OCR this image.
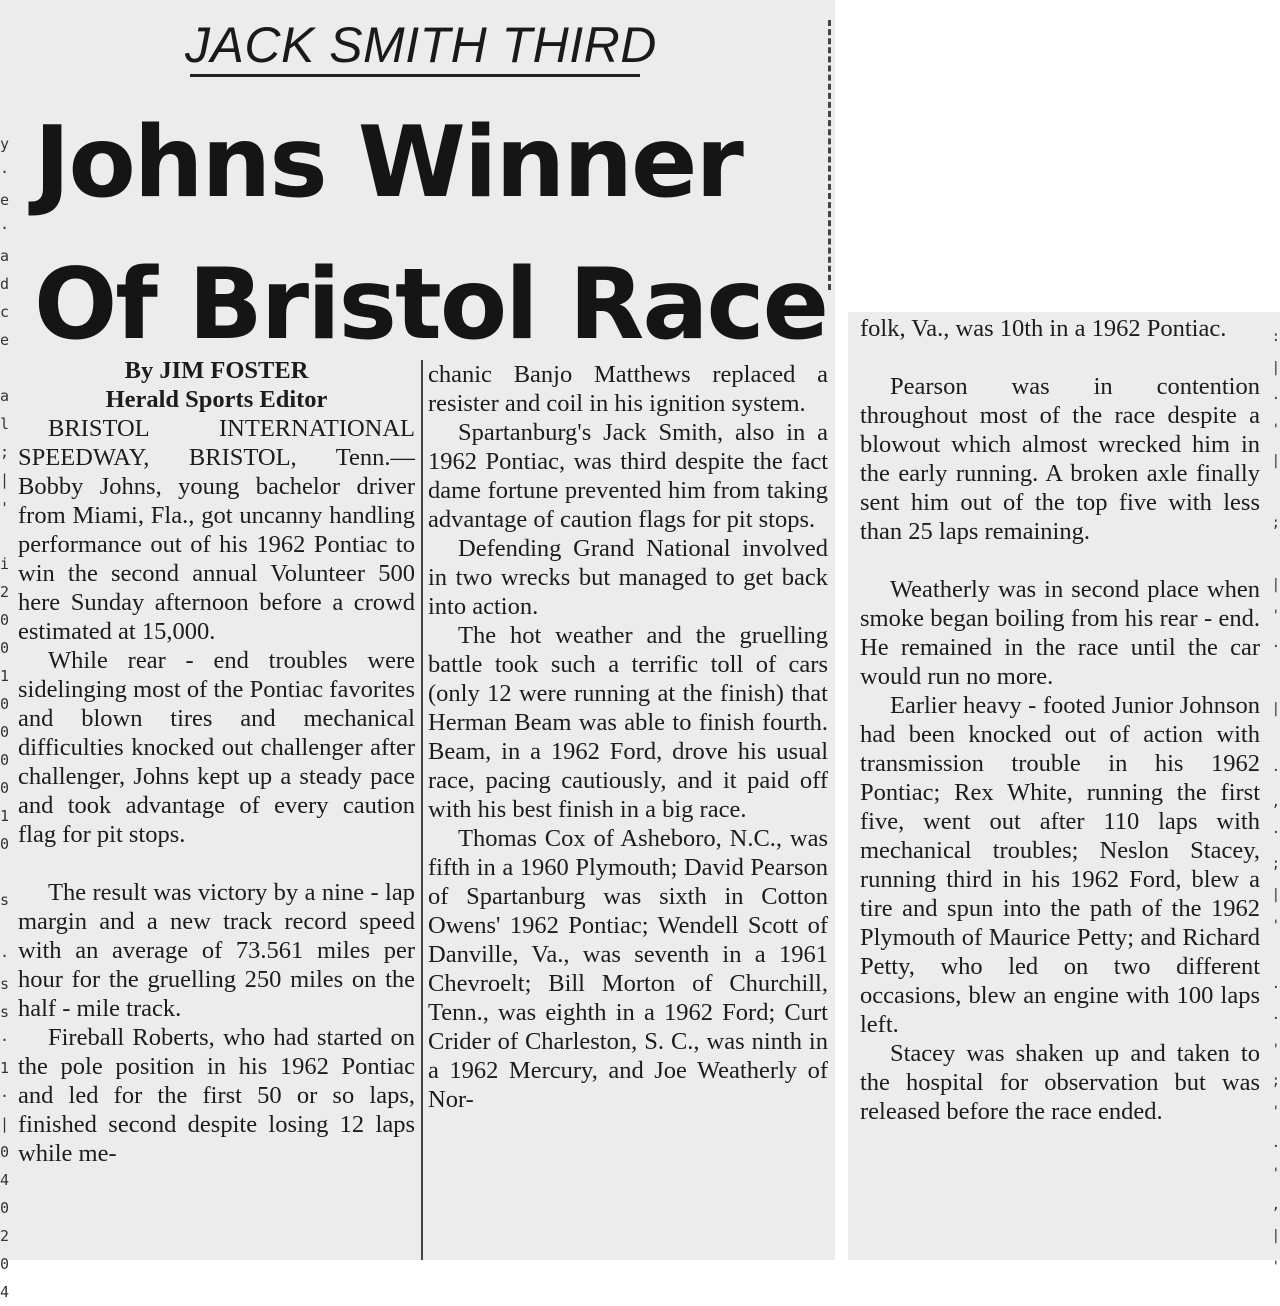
y
·
e
·
a
d
c
e

a
l
;
|
'

i
2
0
0
1
0
0
0
0
1
0

s

·
s
s
·
1
·
|
0
4
0
2
0
4
JACK SMITH THIRD
Johns Winner
Of Bristol Race

By JIM FOSTER

Herald Sports Editor

BRISTOL INTERNATIONAL SPEEDWAY, BRISTOL, Tenn.— Bobby Johns, young bachelor driver from Miami, Fla., got uncanny handling performance out of his 1962 Pontiac to win the second annual Volunteer 500 here Sunday afternoon before a crowd estimated at 15,000.

While rear - end troubles were sidelinging most of the Pontiac favorites and blown tires and mechanical difficulties knocked out challenger after challenger, Johns kept up a steady pace and took advantage of every caution flag for pit stops.

The result was victory by a nine - lap margin and a new track record speed with an average of 73.561 miles per hour for the gruelling 250 miles on the half - mile track.

Fireball Roberts, who had started on the pole position in his 1962 Pontiac and led for the first 50 or so laps, finished second despite losing 12 laps while me-

chanic Banjo Matthews replaced a resister and coil in his ignition system.

Spartanburg's Jack Smith, also in a 1962 Pontiac, was third despite the fact dame fortune prevented him from taking advantage of caution flags for pit stops.

Defending Grand National involved in two wrecks but managed to get back into action.

The hot weather and the gruelling battle took such a terrific toll of cars (only 12 were running at the finish) that Herman Beam was able to finish fourth. Beam, in a 1962 Ford, drove his usual race, pacing cautiously, and it paid off with his best finish in a big race.

Thomas Cox of Asheboro, N.C., was fifth in a 1960 Plymouth; David Pearson of Spartanburg was sixth in Cotton Owens' 1962 Pontiac; Wendell Scott of Danville, Va., was seventh in a 1961 Chevroelt; Bill Morton of Churchill, Tenn., was eighth in a 1962 Ford; Curt Crider of Charleston, S. C., was ninth in a 1962 Mercury, and Joe Weatherly of Nor-

:
|
·
'
|

;

|
'
·

|

·
,
·
;
|
'

·
·
'
;
'
.
'
,
|
'

folk, Va., was 10th in a 1962 Pontiac.

Pearson was in contention throughout most of the race despite a blowout which almost wrecked him in the early running. A broken axle finally sent him out of the top five with less than 25 laps remaining.

Weatherly was in second place when smoke began boiling from his rear - end. He remained in the race until the car would run no more.

Earlier heavy - footed Junior Johnson had been knocked out of action with transmission trouble in his 1962 Pontiac; Rex White, running the first five, went out after 110 laps with mechanical troubles; Neslon Stacey, running third in his 1962 Ford, blew a tire and spun into the path of the 1962 Plymouth of Maurice Petty; and Richard Petty, who led on two different occasions, blew an engine with 100 laps left.

Stacey was shaken up and taken to the hospital for observation but was released before the race ended.
